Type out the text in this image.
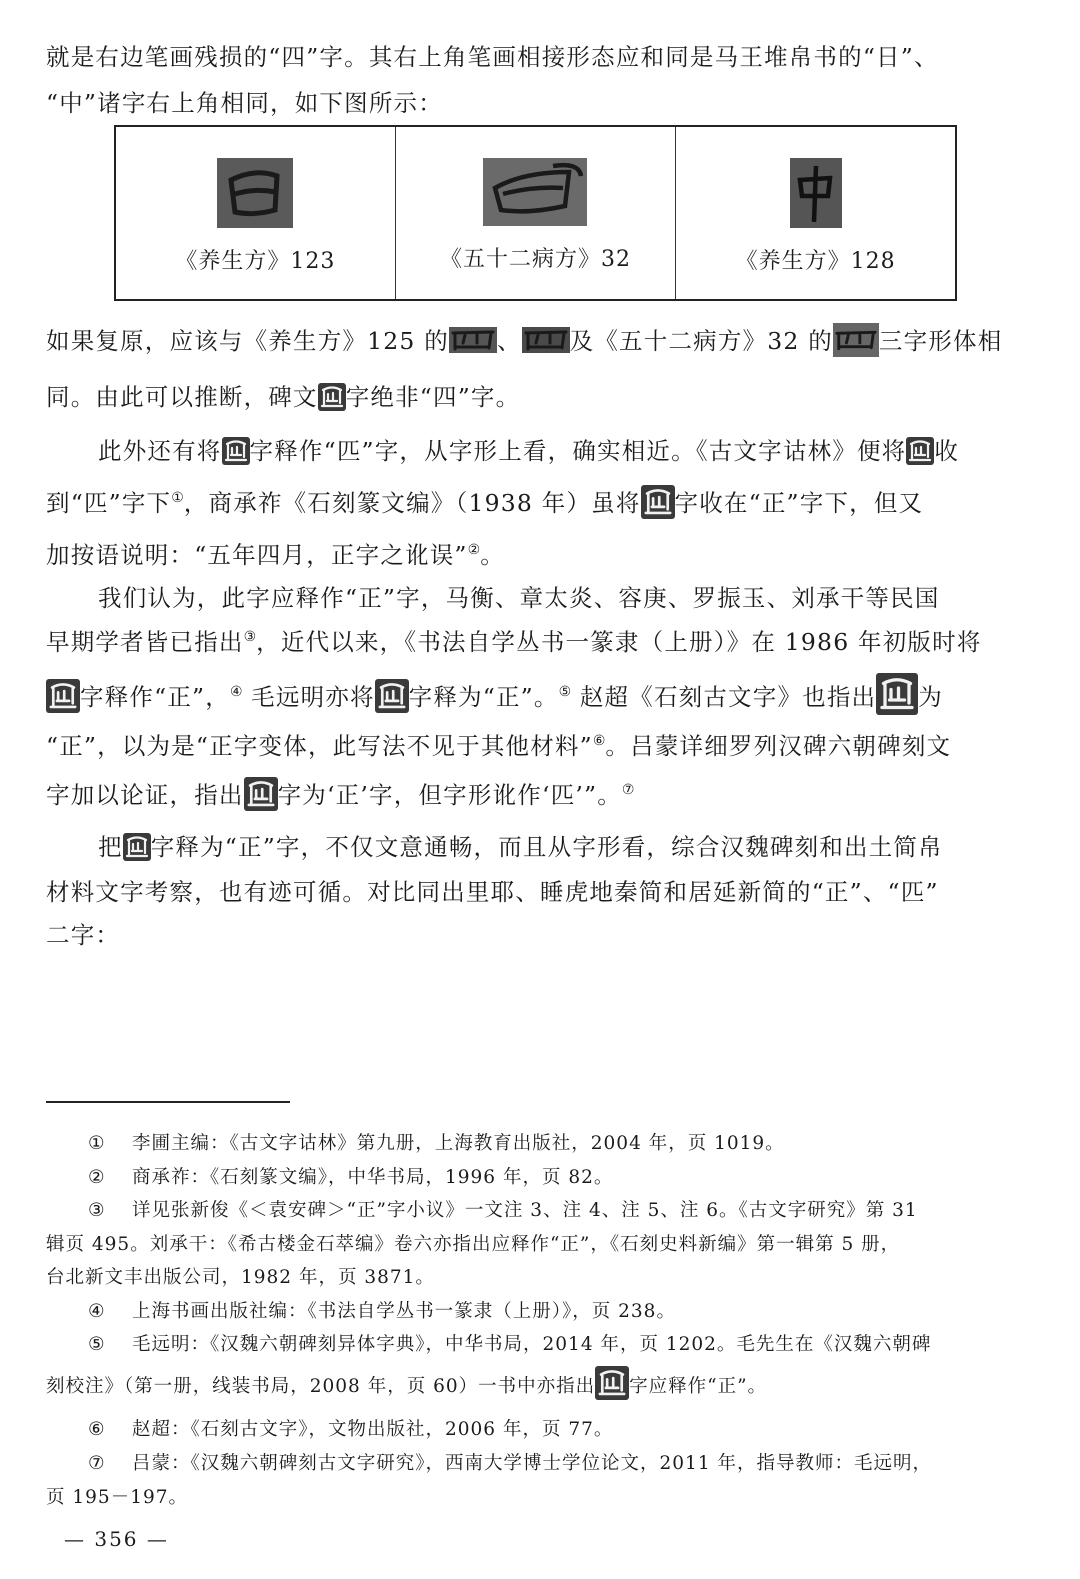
就是右边笔画残损的“四”字。其右上角笔画相接形态应和同是马王堆帛书的“日”、
“中”诸字右上角相同，如下图所示：
《养生方》123	《五十二病方》32	《养生方》128
如果复原，应该与《养生方》125 的 、 及《五十二病方》32 的 三字形体相
同。由此可以推断，碑文 字绝非“四”字。
此外还有将 字释作“匹”字，从字形上看，确实相近。《古文字诂林》便将 收
到“匹”字下①，商承祚《石刻篆文编》（1938 年）虽将 字收在“正”字下，但又
加按语说明：“五年四月，正字之讹误”②。
我们认为，此字应释作“正”字，马衡、章太炎、容庚、罗振玉、刘承干等民国
早期学者皆已指出③，近代以来，《书法自学丛书一篆隶（上册）》在 1986 年初版时将
字释作“正”，④ 毛远明亦将 字释为“正”。⑤ 赵超《石刻古文字》也指出 为
“正”，以为是“正字变体，此写法不见于其他材料”⑥。吕蒙详细罗列汉碑六朝碑刻文
字加以论证，指出 字为‘正’字，但字形讹作‘匹’”。⑦
把 字释为“正”字，不仅文意通畅，而且从字形看，综合汉魏碑刻和出土简帛
材料文字考察，也有迹可循。对比同出里耶、睡虎地秦简和居延新简的“正”、“匹”
二字：
① 李圃主编：《古文字诂林》第九册，上海教育出版社，2004 年，页 1019。
② 商承祚：《石刻篆文编》，中华书局，1996 年，页 82。
③ 详见张新俊《＜袁安碑＞“正”字小议》一文注 3、注 4、注 5、注 6。《古文字研究》第 31
辑页 495。刘承干：《希古楼金石萃编》卷六亦指出应释作“正”，《石刻史料新编》第一辑第 5 册，
台北新文丰出版公司，1982 年，页 3871。
④ 上海书画出版社编：《书法自学丛书一篆隶（上册）》，页 238。
⑤ 毛远明：《汉魏六朝碑刻异体字典》，中华书局，2014 年，页 1202。毛先生在《汉魏六朝碑
刻校注》（第一册，线装书局，2008 年，页 60）一书中亦指出 字应释作“正”。
⑥ 赵超：《石刻古文字》，文物出版社，2006 年，页 77。
⑦ 吕蒙：《汉魏六朝碑刻古文字研究》，西南大学博士学位论文，2011 年，指导教师：毛远明，
页 195－197。
— 356 —
